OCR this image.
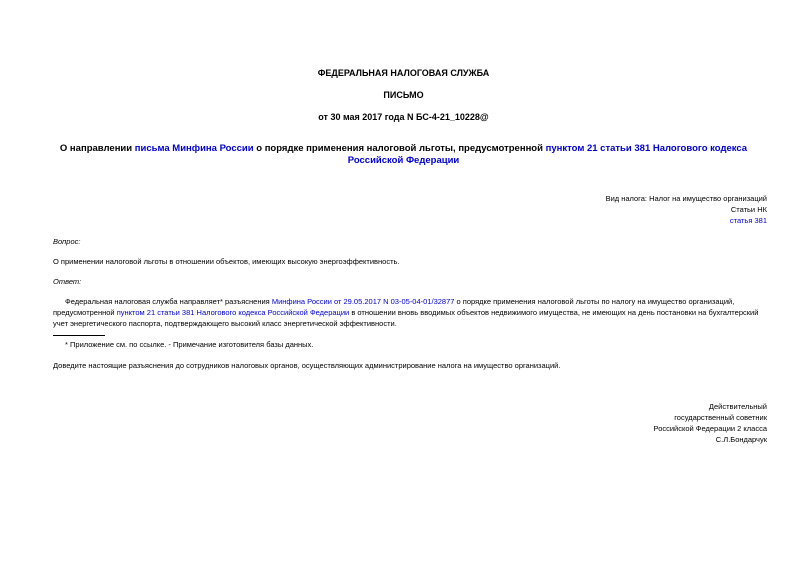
ФЕДЕРАЛЬНАЯ НАЛОГОВАЯ СЛУЖБА
ПИСЬМО
от 30 мая 2017 года N БС-4-21_10228@
О направлении письма Минфина России о порядке применения налоговой льготы, предусмотренной пунктом 21 статьи 381 Налогового кодекса Российской Федерации
Вид налога: Налог на имущество организаций
Статьи НК
статья 381
Вопрос:
О применении налоговой льготы в отношении объектов, имеющих высокую энергоэффективность.
Ответ:
Федеральная налоговая служба направляет* разъяснения Минфина России от 29.05.2017 N 03-05-04-01/32877 о порядке применения налоговой льготы по налогу на имущество организаций, предусмотренной пунктом 21 статьи 381 Налогового кодекса Российской Федерации в отношении вновь вводимых объектов недвижимого имущества, не имеющих на день постановки на бухгалтерский учет энергетического паспорта, подтверждающего высокий класс энергетической эффективности.
* Приложение см. по ссылке. - Примечание изготовителя базы данных.
Доведите настоящие разъяснения до сотрудников налоговых органов, осуществляющих администрирование налога на имущество организаций.
Действительный
государственный советник
Российской Федерации 2 класса
С.Л.Бондарчук
